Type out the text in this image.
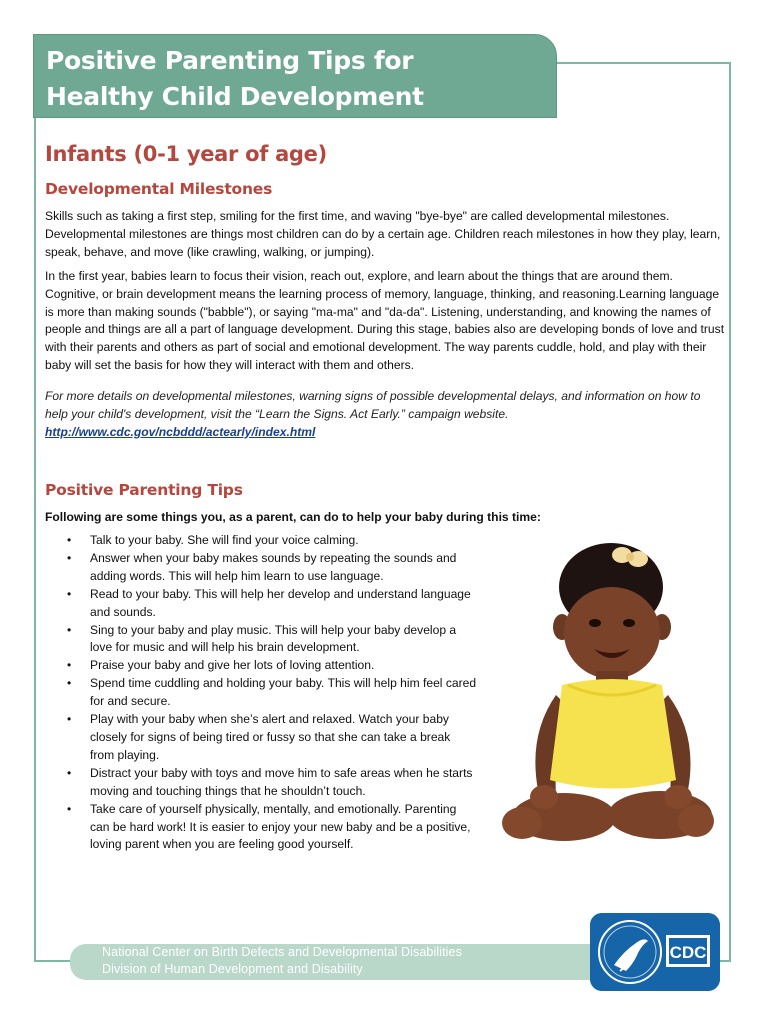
Positive Parenting Tips for
Healthy Child Development
Infants (0-1 year of age)
Developmental Milestones
Skills such as taking a first step, smiling for the first time, and waving "bye-bye" are called developmental milestones. Developmental milestones are things most children can do by a certain age. Children reach milestones in how they play, learn, speak, behave, and move (like crawling, walking, or jumping).
In the first year, babies learn to focus their vision, reach out, explore, and learn about the things that are around them. Cognitive, or brain development means the learning process of memory, language, thinking, and reasoning.Learning language is more than making sounds ("babble"), or saying "ma-ma" and "da-da". Listening, understanding, and knowing the names of people and things are all a part of language development. During this stage, babies also are developing bonds of love and trust with their parents and others as part of social and emotional development. The way parents cuddle, hold, and play with their baby will set the basis for how they will interact with them and others.
For more details on developmental milestones, warning signs of possible developmental delays, and information on how to help your child's development, visit the “Learn the Signs. Act Early.” campaign website.
http://www.cdc.gov/ncbddd/actearly/index.html
Positive Parenting Tips
Following are some things you, as a parent, can do to help your baby during this time:
• Talk to your baby. She will find your voice calming.
• Answer when your baby makes sounds by repeating the sounds and adding words. This will help him learn to use language.
• Read to your baby. This will help her develop and understand language and sounds.
• Sing to your baby and play music. This will help your baby develop a love for music and will help his brain development.
• Praise your baby and give her lots of loving attention.
• Spend time cuddling and holding your baby. This will help him feel cared for and secure.
• Play with your baby when she’s alert and relaxed. Watch your baby closely for signs of being tired or fussy so that she can take a break from playing.
• Distract your baby with toys and move him to safe areas when he starts moving and touching things that he shouldn’t touch.
• Take care of yourself physically, mentally, and emotionally. Parenting can be hard work! It is easier to enjoy your new baby and be a positive, loving parent when you are feeling good yourself.
National Center on Birth Defects and Developmental Disabilities
Division of Human Development and Disability
CDC
